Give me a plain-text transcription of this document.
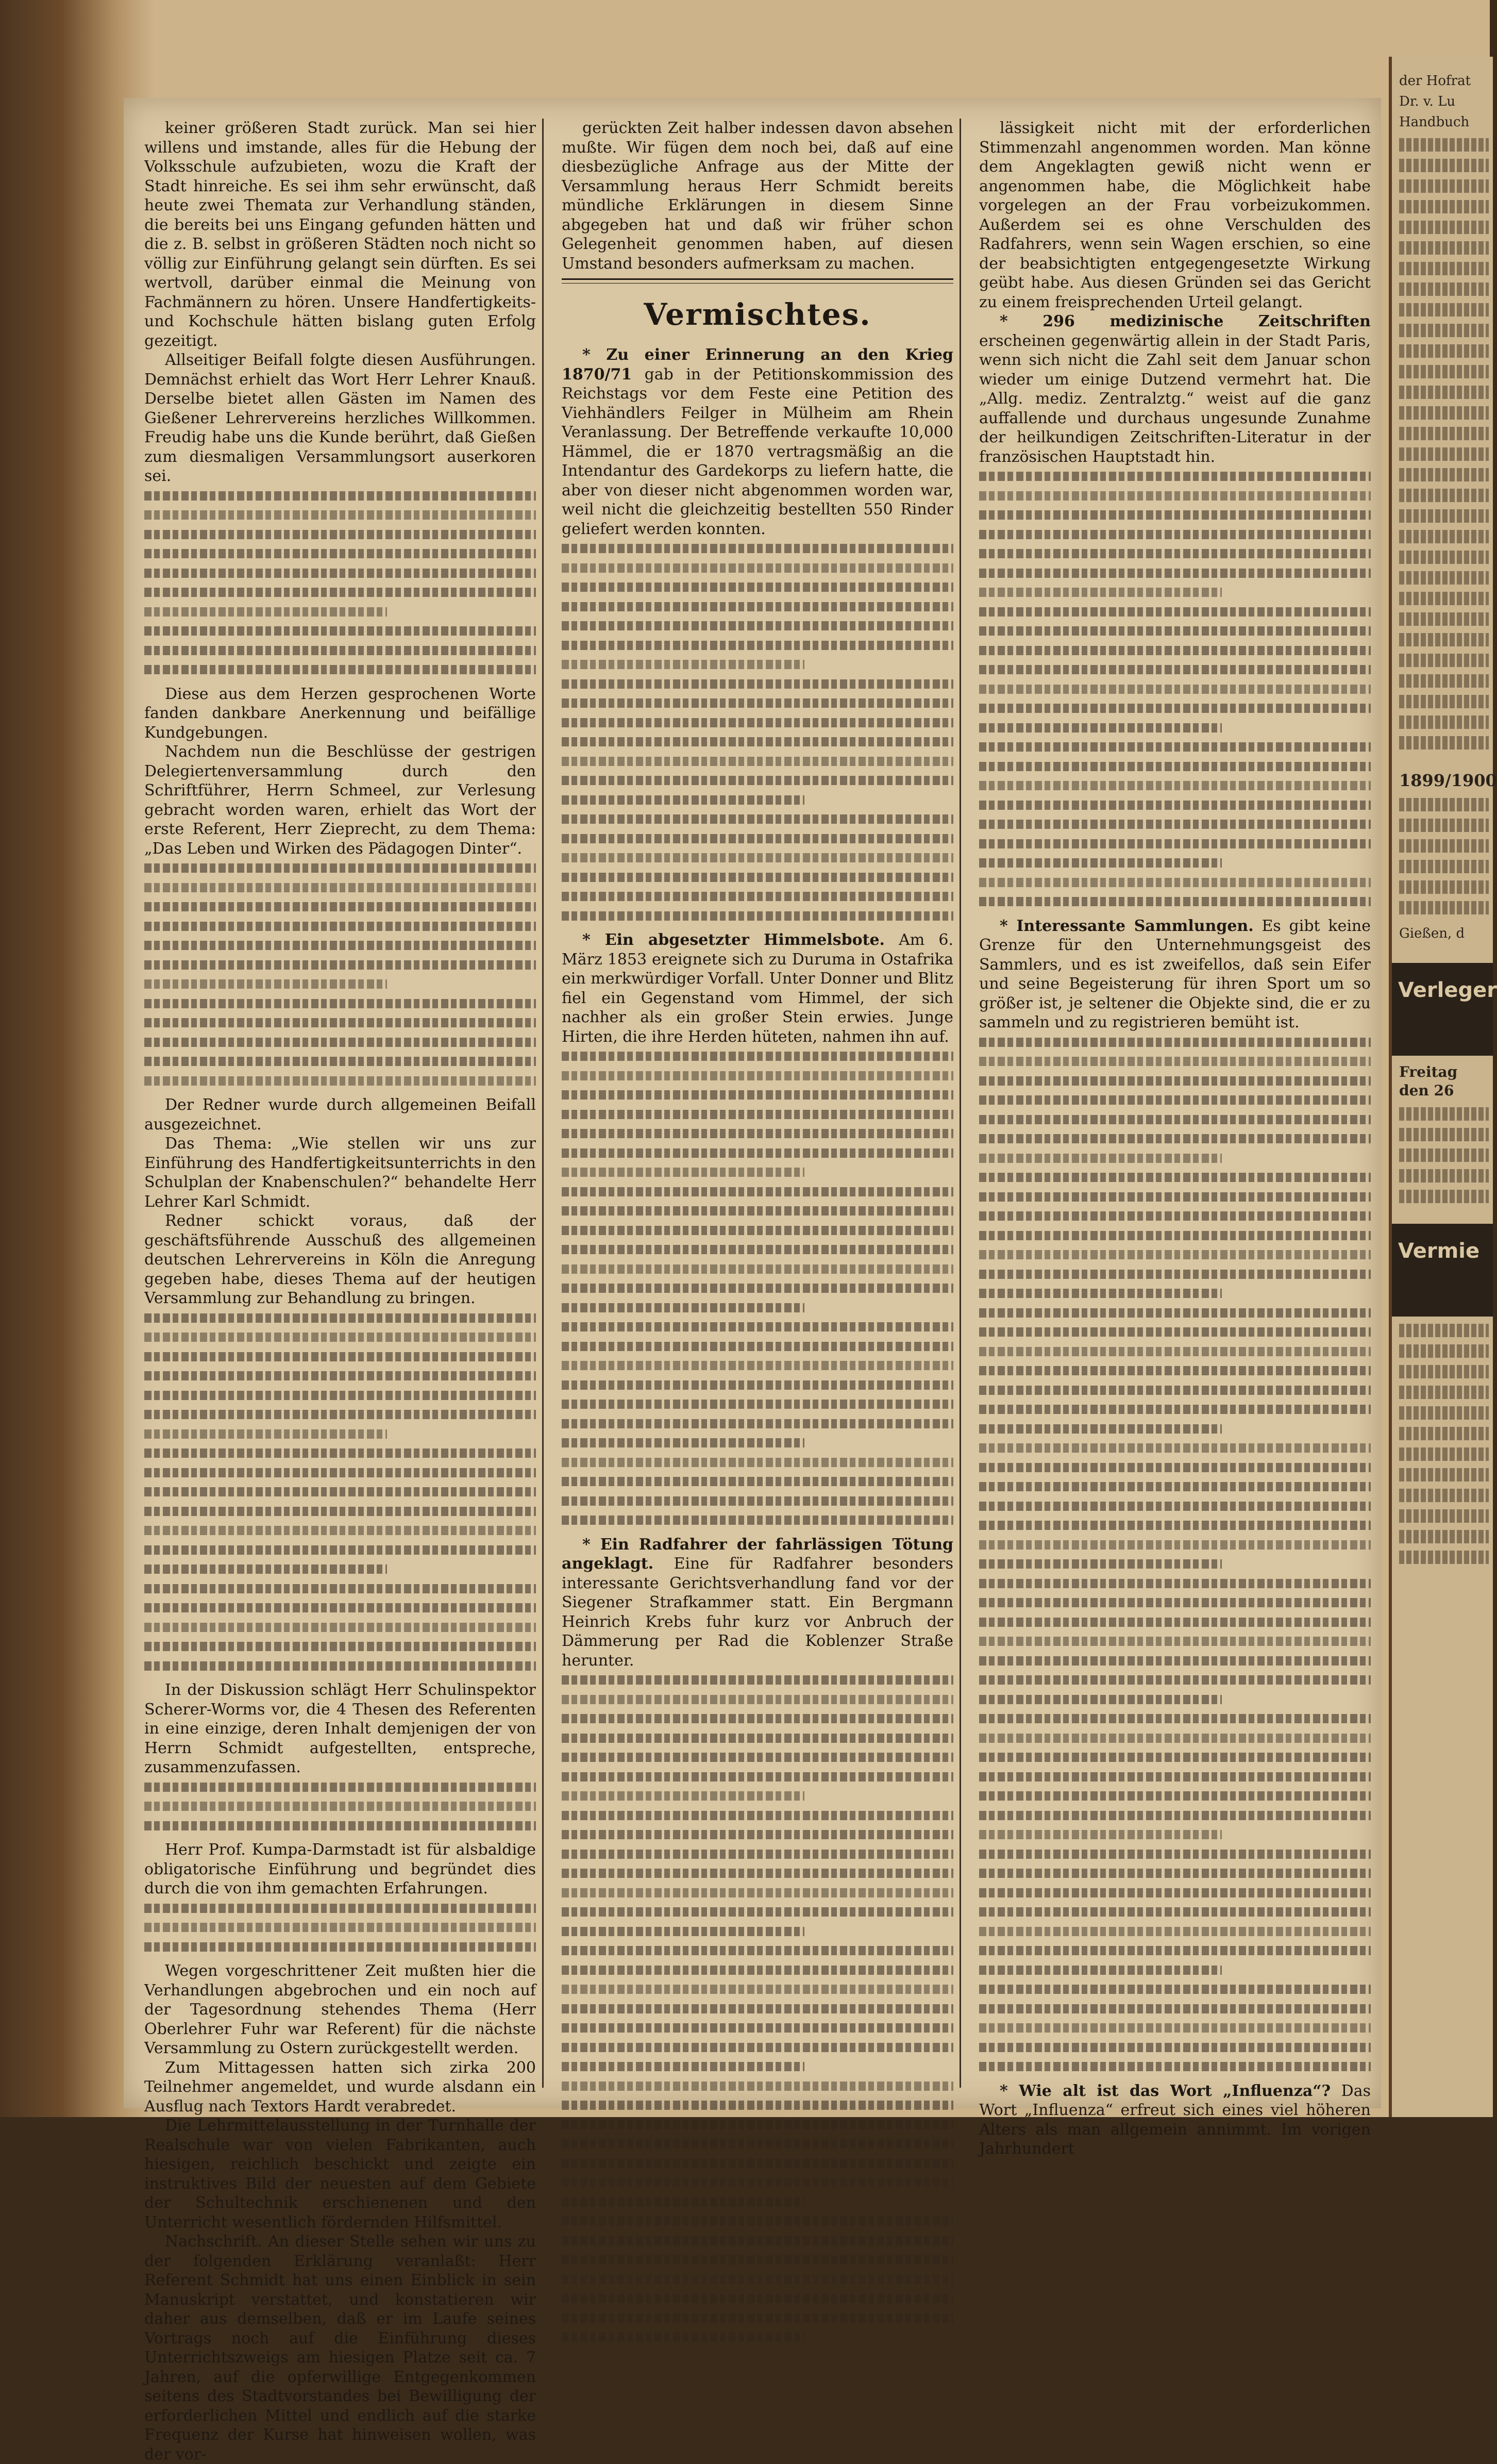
keiner größeren Stadt zurück. Man sei hier willens und imstande, alles für die Hebung der Volksschule aufzubieten, wozu die Kraft der Stadt hinreiche. Es sei ihm sehr erwünscht, daß heute zwei Themata zur Verhandlung ständen, die bereits bei uns Eingang gefunden hätten und die z. B. selbst in größeren Städten noch nicht so völlig zur Einführung gelangt sein dürften. Es sei wertvoll, darüber einmal die Meinung von Fachmännern zu hören. Unsere Handfertigkeits- und Kochschule hätten bislang guten Erfolg gezeitigt.

Allseitiger Beifall folgte diesen Ausführungen. Demnächst erhielt das Wort Herr Lehrer Knauß. Derselbe bietet allen Gästen im Namen des Gießener Lehrervereins herzliches Willkommen. Freudig habe uns die Kunde berührt, daß Gießen zum diesmaligen Versammlungsort auserkoren sei.

Diese aus dem Herzen gesprochenen Worte fanden dankbare Anerkennung und beifällige Kundgebungen.

Nachdem nun die Beschlüsse der gestrigen Delegiertenversammlung durch den Schriftführer, Herrn Schmeel, zur Verlesung gebracht worden waren, erhielt das Wort der erste Referent, Herr Zieprecht, zu dem Thema: „Das Leben und Wirken des Pädagogen Dinter“.

Der Redner wurde durch allgemeinen Beifall ausgezeichnet.

Das Thema: „Wie stellen wir uns zur Einführung des Handfertigkeitsunterrichts in den Schulplan der Knabenschulen?“ behandelte Herr Lehrer Karl Schmidt.

Redner schickt voraus, daß der geschäftsführende Ausschuß des allgemeinen deutschen Lehrervereins in Köln die Anregung gegeben habe, dieses Thema auf der heutigen Versammlung zur Behandlung zu bringen.

In der Diskussion schlägt Herr Schulinspektor Scherer-Worms vor, die 4 Thesen des Referenten in eine einzige, deren Inhalt demjenigen der von Herrn Schmidt aufgestellten, entspreche, zusammenzufassen.

Herr Prof. Kumpa-Darmstadt ist für alsbaldige obligatorische Einführung und begründet dies durch die von ihm gemachten Erfahrungen.

Wegen vorgeschrittener Zeit mußten hier die Verhandlungen abgebrochen und ein noch auf der Tagesordnung stehendes Thema (Herr Oberlehrer Fuhr war Referent) für die nächste Versammlung zu Ostern zurückgestellt werden.

Zum Mittagessen hatten sich zirka 200 Teilnehmer angemeldet, und wurde alsdann ein Ausflug nach Textors Hardt verabredet.

Die Lehrmittelausstellung in der Turnhalle der Realschule war von vielen Fabrikanten, auch hiesigen, reichlich beschickt und zeigte ein instruktives Bild der neuesten auf dem Gebiete der Schultechnik erschienenen und den Unterricht wesentlich fördernden Hilfsmittel.

Nachschrift. An dieser Stelle sehen wir uns zu der folgenden Erklärung veranlaßt: Herr Referent Schmidt hat uns einen Einblick in sein Manuskript verstattet, und konstatieren wir daher aus demselben, daß er im Laufe seines Vortrags noch auf die Einführung dieses Unterrichtszweigs am hiesigen Platze seit ca. 7 Jahren, auf die opferwillige Entgegenkommen seitens des Stadtvorstandes bei Bewilligung der erforderlichen Mittel und endlich auf die starke Frequenz der Kurse hat hinweisen wollen, was der vor-

gerückten Zeit halber indessen davon absehen mußte. Wir fügen dem noch bei, daß auf eine diesbezügliche Anfrage aus der Mitte der Versammlung heraus Herr Schmidt bereits mündliche Erklärungen in diesem Sinne abgegeben hat und daß wir früher schon Gelegenheit genommen haben, auf diesen Umstand besonders aufmerksam zu machen.

Vermischtes.

* Zu einer Erinnerung an den Krieg 1870/71 gab in der Petitionskommission des Reichstags vor dem Feste eine Petition des Viehhändlers Feilger in Mülheim am Rhein Veranlassung. Der Betreffende verkaufte 10,000 Hämmel, die er 1870 vertragsmäßig an die Intendantur des Gardekorps zu liefern hatte, die aber von dieser nicht abgenommen worden war, weil nicht die gleichzeitig bestellten 550 Rinder geliefert werden konnten.

* Ein abgesetzter Himmelsbote. Am 6. März 1853 ereignete sich zu Duruma in Ostafrika ein merkwürdiger Vorfall. Unter Donner und Blitz fiel ein Gegenstand vom Himmel, der sich nachher als ein großer Stein erwies. Junge Hirten, die ihre Herden hüteten, nahmen ihn auf.

* Ein Radfahrer der fahrlässigen Tötung angeklagt. Eine für Radfahrer besonders interessante Gerichtsverhandlung fand vor der Siegener Strafkammer statt. Ein Bergmann Heinrich Krebs fuhr kurz vor Anbruch der Dämmerung per Rad die Koblenzer Straße herunter.

lässigkeit nicht mit der erforderlichen Stimmenzahl angenommen worden. Man könne dem Angeklagten gewiß nicht wenn er angenommen habe, die Möglichkeit habe vorgelegen an der Frau vorbeizukommen. Außerdem sei es ohne Verschulden des Radfahrers, wenn sein Wagen erschien, so eine der beabsichtigten entgegengesetzte Wirkung geübt habe. Aus diesen Gründen sei das Gericht zu einem freisprechenden Urteil gelangt.

* 296 medizinische Zeitschriften erscheinen gegenwärtig allein in der Stadt Paris, wenn sich nicht die Zahl seit dem Januar schon wieder um einige Dutzend vermehrt hat. Die „Allg. mediz. Zentralztg.“ weist auf die ganz auffallende und durchaus ungesunde Zunahme der heilkundigen Zeitschriften-Literatur in der französischen Hauptstadt hin.

* Interessante Sammlungen. Es gibt keine Grenze für den Unternehmungsgeist des Sammlers, und es ist zweifellos, daß sein Eifer und seine Begeisterung für ihren Sport um so größer ist, je seltener die Objekte sind, die er zu sammeln und zu registrieren bemüht ist.

* Wie alt ist das Wort „Influenza“? Das Wort „Influenza“ erfreut sich eines viel höheren Alters als man allgemein annimmt. Im vorigen Jahrhundert

der Hofrat
Dr. v. Lu
Handbuch
1899/1900
Gießen, d
Verleger
Freitag den 26
Vermie
